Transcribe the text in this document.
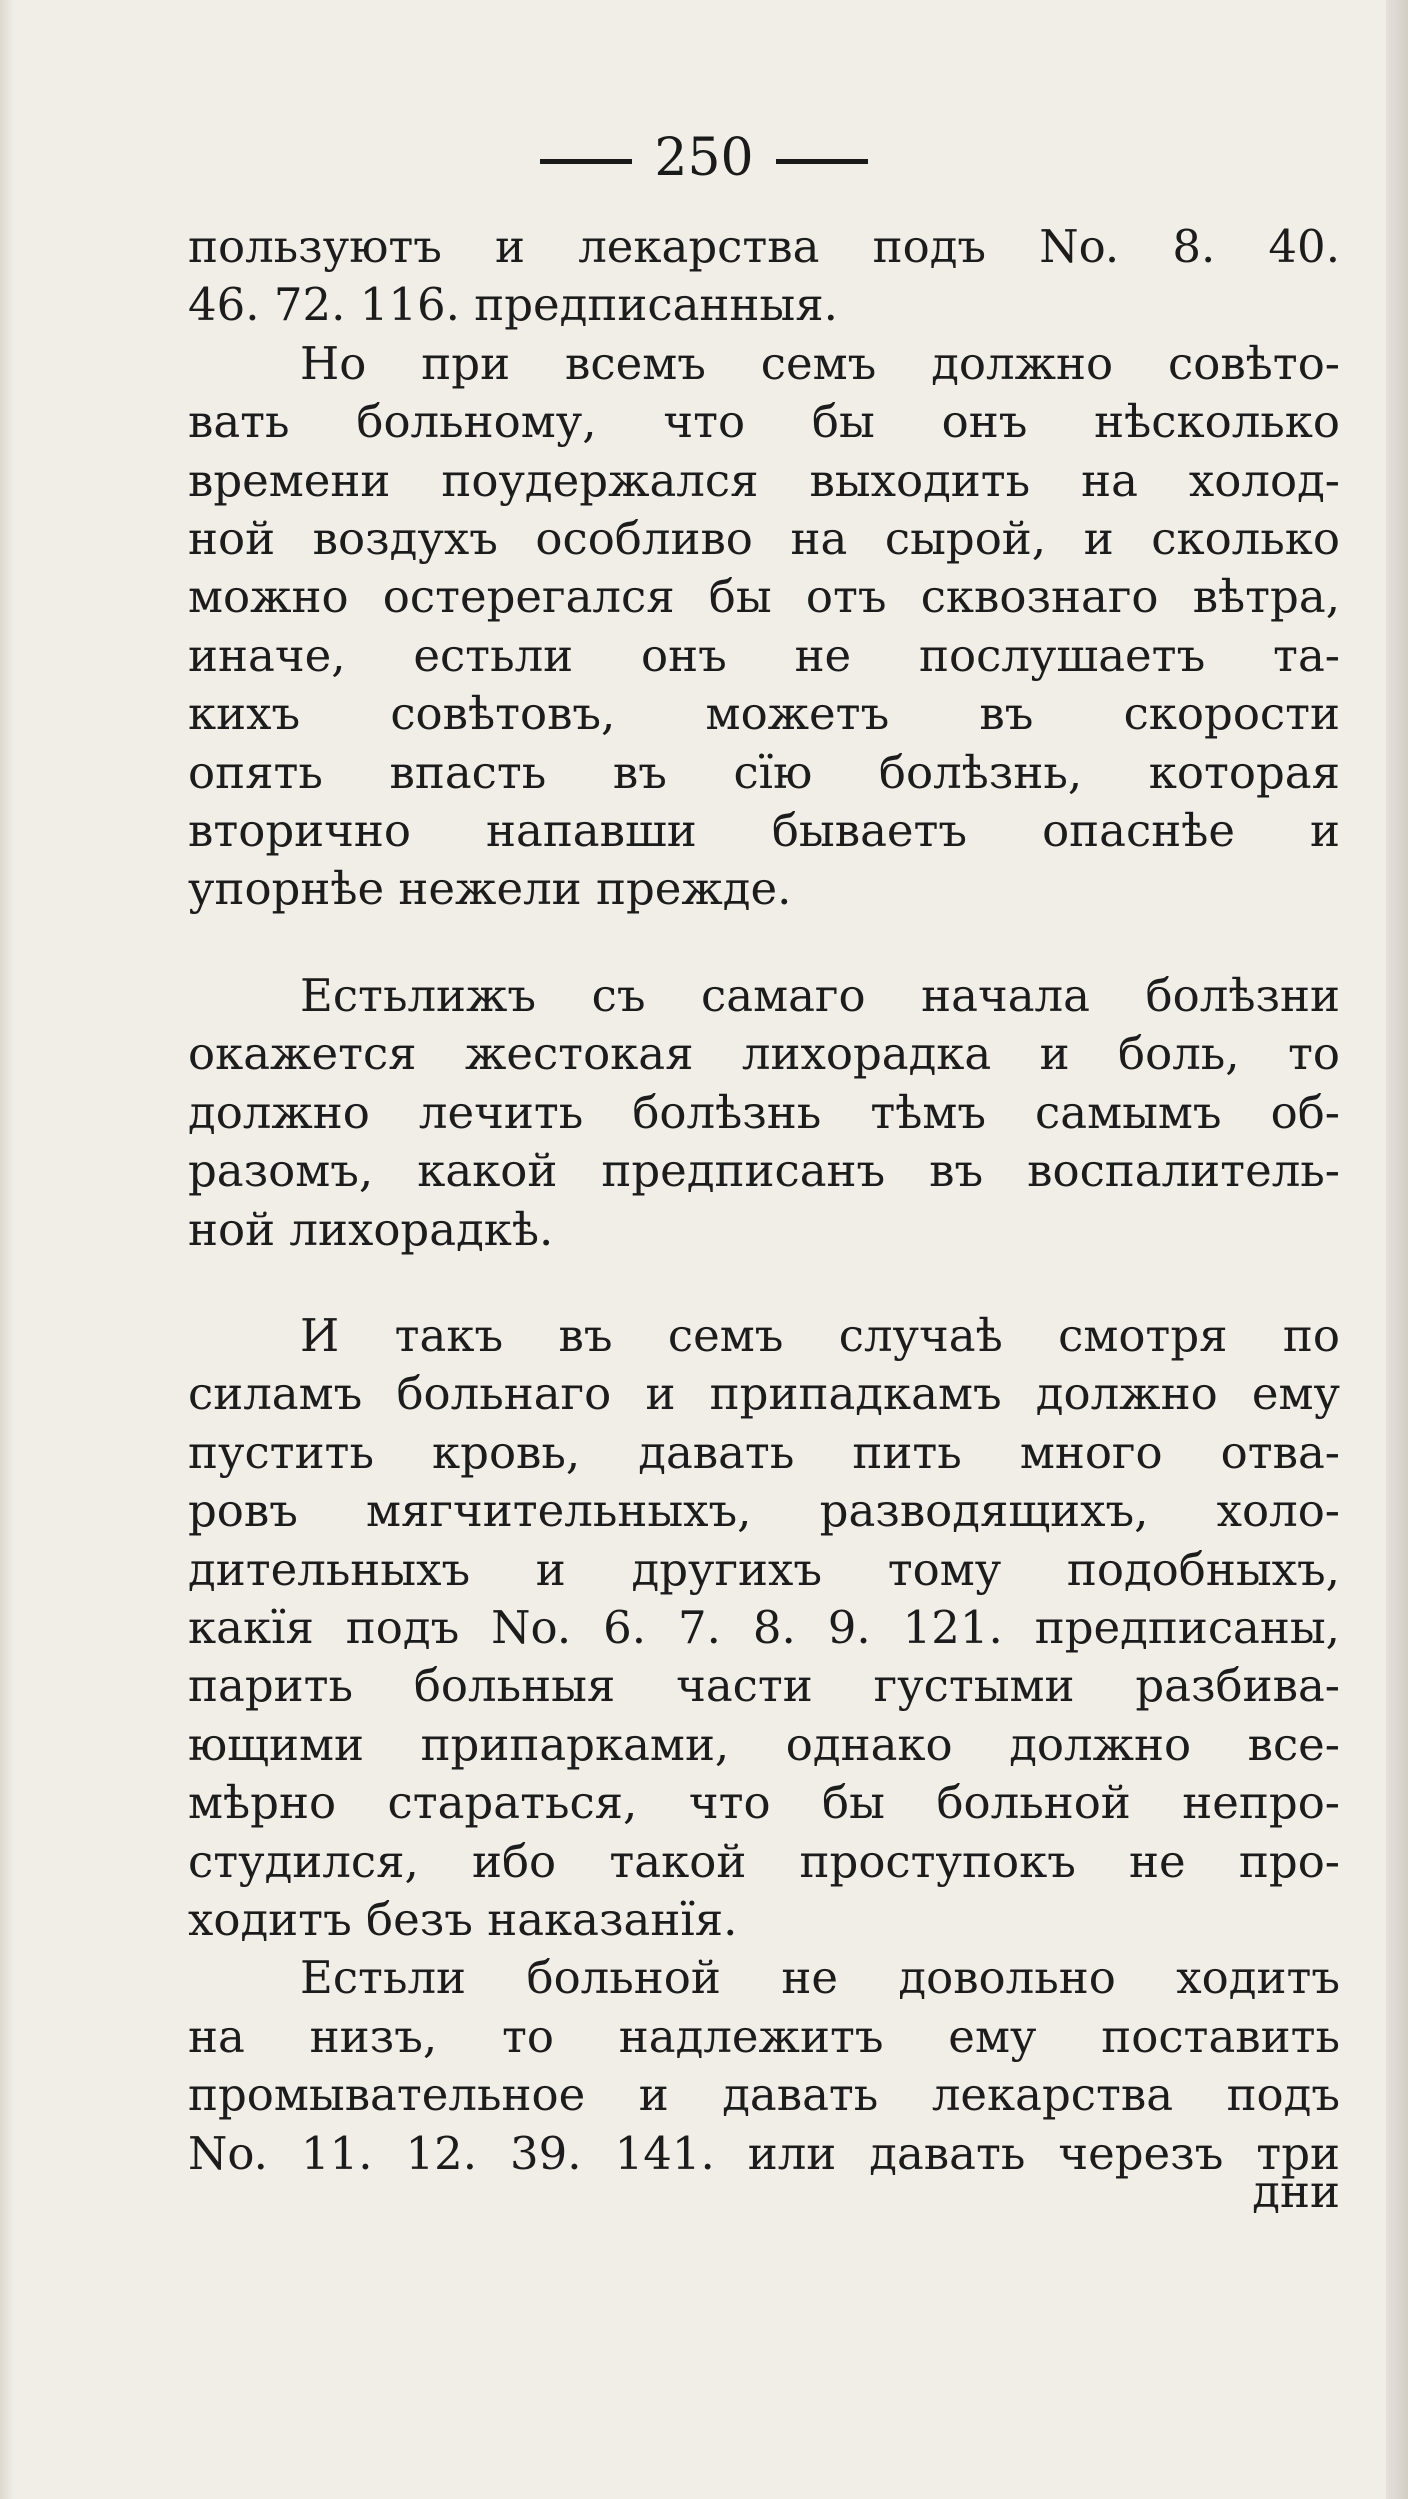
250
пользуютъ и лекарства подъ No. 8. 40.
46. 72. 116. предписанныя.
Но при всемъ семъ должно совѣто-
вать больному, что бы онъ нѣсколько
времени поудержался выходить на холод-
ной воздухъ особливо на сырой, и сколько
можно остерегался бы отъ сквознаго вѣтра,
иначе, естьли онъ не послушаетъ та-
кихъ совѣтовъ, можетъ въ скорости
опять впасть въ сїю болѣзнь, которая
вторично напавши бываетъ опаснѣе и
упорнѣе нежели прежде.
Естьлижъ съ самаго начала болѣзни
окажется жестокая лихорадка и боль, то
должно лечить болѣзнь тѣмъ самымъ об-
разомъ, какой предписанъ въ воспалитель-
ной лихорадкѣ.
И такъ въ семъ случаѣ смотря по
силамъ больнаго и припадкамъ должно ему
пустить кровь, давать пить много отва-
ровъ мягчительныхъ, разводящихъ, холо-
дительныхъ и другихъ тому подобныхъ,
какїя подъ No. 6. 7. 8. 9. 121. предписаны,
парить больныя части густыми разбива-
ющими припарками, однако должно все-
мѣрно стараться, что бы больной непро-
студился, ибо такой проступокъ не про-
ходитъ безъ наказанїя.
Естьли больной не довольно ходитъ
на низъ, то надлежитъ ему поставить
промывательное и давать лекарства подъ
No. 11. 12. 39. 141. или давать черезъ три
дни
